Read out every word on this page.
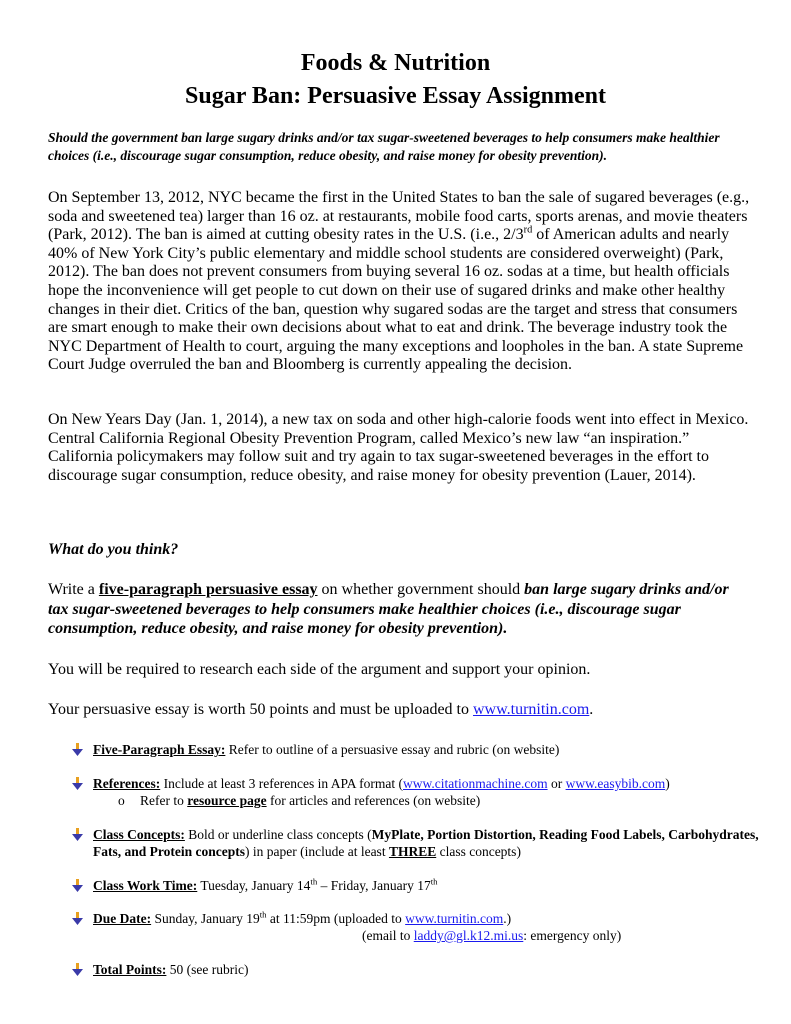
Foods & Nutrition
Sugar Ban: Persuasive Essay Assignment
Should the government ban large sugary drinks and/or tax sugar-sweetened beverages to help consumers make healthier choices (i.e., discourage sugar consumption, reduce obesity, and raise money for obesity prevention).
On September 13, 2012, NYC became the first in the United States to ban the sale of sugared beverages (e.g., soda and sweetened tea) larger than 16 oz. at restaurants, mobile food carts, sports arenas, and movie theaters (Park, 2012). The ban is aimed at cutting obesity rates in the U.S. (i.e., 2/3rd of American adults and nearly 40% of New York City’s public elementary and middle school students are considered overweight) (Park, 2012). The ban does not prevent consumers from buying several 16 oz. sodas at a time, but health officials hope the inconvenience will get people to cut down on their use of sugared drinks and make other healthy changes in their diet. Critics of the ban, question why sugared sodas are the target and stress that consumers are smart enough to make their own decisions about what to eat and drink. The beverage industry took the NYC Department of Health to court, arguing the many exceptions and loopholes in the ban. A state Supreme Court Judge overruled the ban and Bloomberg is currently appealing the decision.
On New Years Day (Jan. 1, 2014), a new tax on soda and other high-calorie foods went into effect in Mexico. Central California Regional Obesity Prevention Program, called Mexico’s new law “an inspiration.” California policymakers may follow suit and try again to tax sugar-sweetened beverages in the effort to discourage sugar consumption, reduce obesity, and raise money for obesity prevention (Lauer, 2014).
What do you think?
Write a five-paragraph persuasive essay on whether government should ban large sugary drinks and/or tax sugar-sweetened beverages to help consumers make healthier choices (i.e., discourage sugar consumption, reduce obesity, and raise money for obesity prevention).
You will be required to research each side of the argument and support your opinion.
Your persuasive essay is worth 50 points and must be uploaded to www.turnitin.com.
Five-Paragraph Essay: Refer to outline of a persuasive essay and rubric (on website)
References: Include at least 3 references in APA format (www.citationmachine.com or www.easybib.com)
o Refer to resource page for articles and references (on website)
Class Concepts: Bold or underline class concepts (MyPlate, Portion Distortion, Reading Food Labels, Carbohydrates, Fats, and Protein concepts) in paper (include at least THREE class concepts)
Class Work Time: Tuesday, January 14th – Friday, January 17th
Due Date: Sunday, January 19th at 11:59pm (uploaded to www.turnitin.com.)
(email to laddy@gl.k12.mi.us: emergency only)
Total Points: 50 (see rubric)
